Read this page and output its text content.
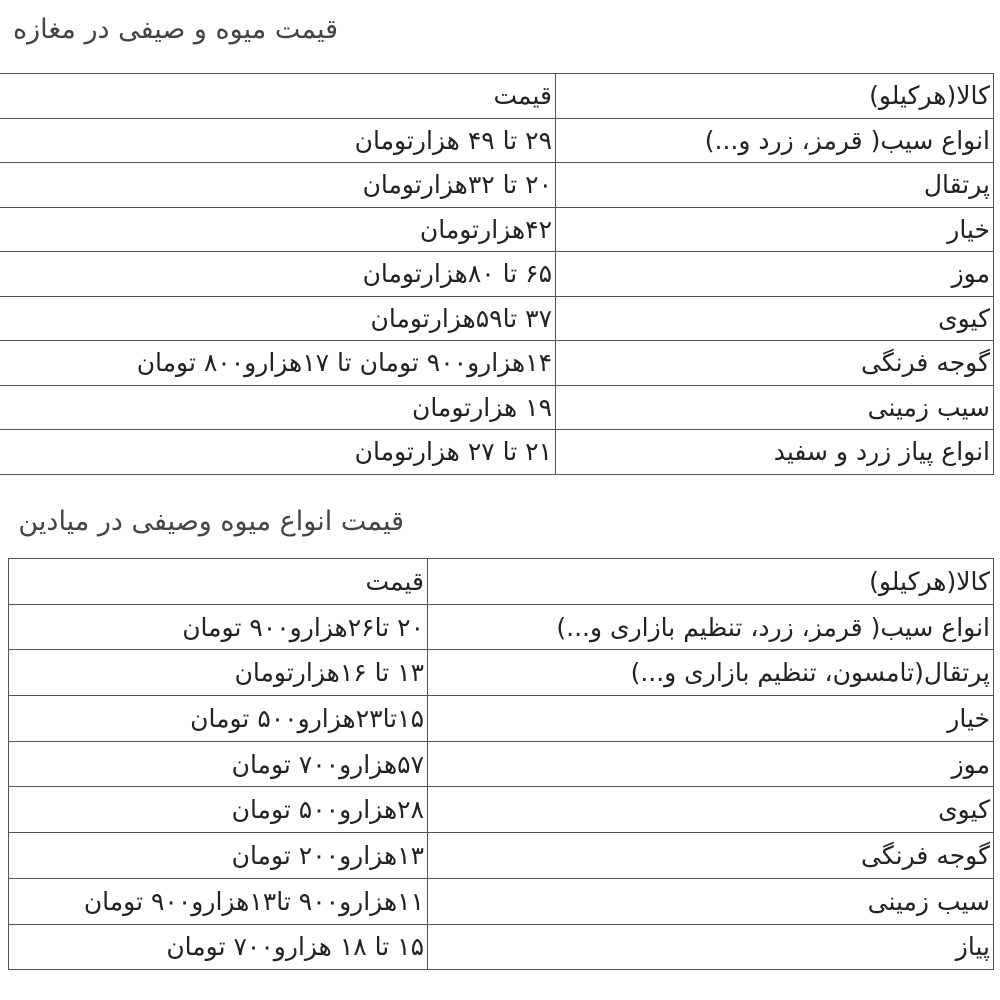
قیمت میوه و صیفی در مغازه
کالا(هرکیلو)	قیمت
انواع سیب( قرمز، زرد و...)	۲۹ تا ۴۹ هزارتومان
پرتقال	۲۰ تا ۳۲هزارتومان
خیار	۴۲هزارتومان
موز	۶۵ تا ۸۰هزارتومان
کیوی	۳۷ تا۵۹هزارتومان
گوجه فرنگی	۱۴هزارو۹۰۰ تومان تا ۱۷هزارو۸۰۰ تومان
سیب زمینی	۱۹ هزارتومان
انواع پیاز زرد و سفید	۲۱ تا ۲۷ هزارتومان
قیمت انواع میوه وصیفی در میادین
کالا(هرکیلو)	قیمت
انواع سیب( قرمز، زرد، تنظیم بازاری و...)	۲۰ تا۲۶هزارو۹۰۰ تومان
پرتقال(تامسون، تنظیم بازاری و...)	۱۳ تا ۱۶هزارتومان
خیار	۱۵تا۲۳هزارو۵۰۰ تومان
موز	۵۷هزارو۷۰۰ تومان
کیوی	۲۸هزارو۵۰۰ تومان
گوجه فرنگی	۱۳هزارو۲۰۰ تومان
سیب زمینی	۱۱هزارو۹۰۰ تا۱۳هزارو۹۰۰ تومان
پیاز	۱۵ تا ۱۸ هزارو۷۰۰ تومان
